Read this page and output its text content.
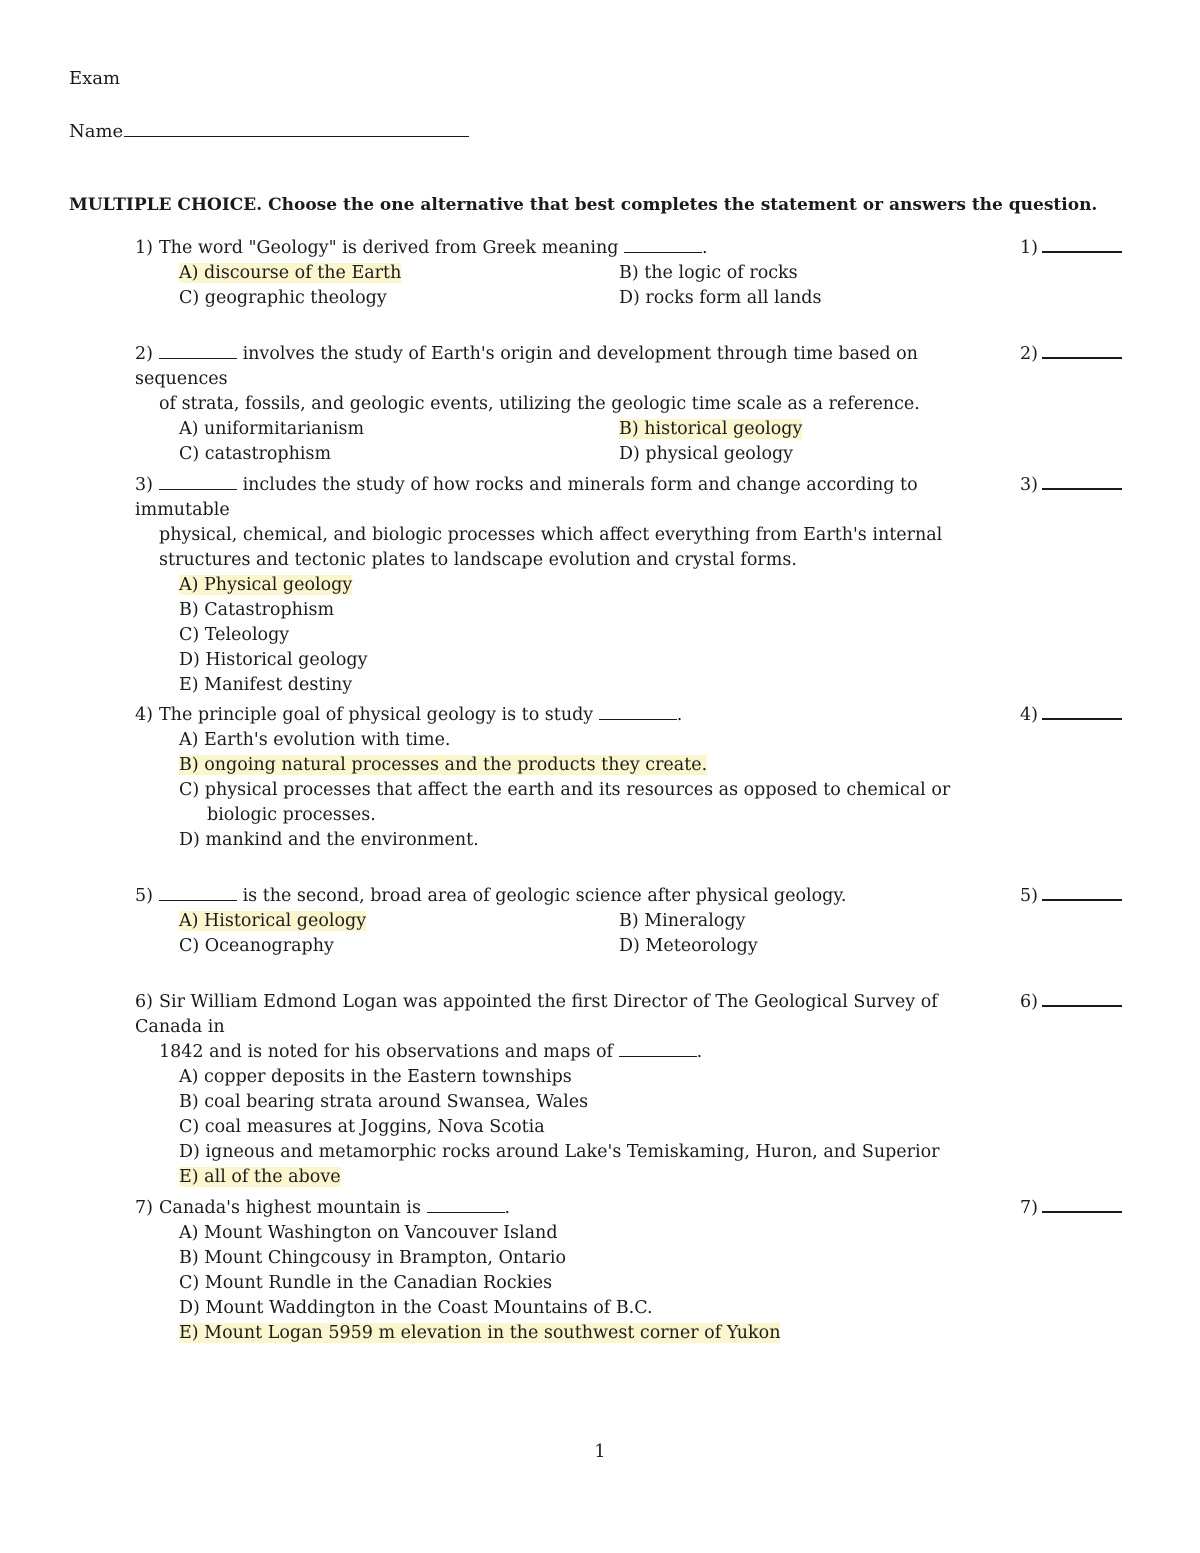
Exam
Name
MULTIPLE CHOICE. Choose the one alternative that best completes the statement or answers the question.
1) The word "Geology" is derived from Greek meaning	.	1)
A) discourse of the Earth	B) the logic of rocks
C) geographic theology	D) rocks form all lands
2)	involves the study of Earth's origin and development through time based on sequences
of strata, fossils, and geologic events, utilizing the geologic time scale as a reference.
2)
A) uniformitarianism	B) historical geology
C) catastrophism	D) physical geology
3)	includes the study of how rocks and minerals form and change according to immutable
physical, chemical, and biologic processes which affect everything from Earth's internal structures and tectonic plates to landscape evolution and crystal forms.
3)
A) Physical geology
B) Catastrophism
C) Teleology
D) Historical geology
E) Manifest destiny
4) The principle goal of physical geology is to study	.	4)
A) Earth's evolution with time.
B) ongoing natural processes and the products they create.
C) physical processes that affect the earth and its resources as opposed to chemical or biologic processes.
D) mankind and the environment.
5)	is the second, broad area of geologic science after physical geology.	5)
A) Historical geology	B) Mineralogy
C) Oceanography	D) Meteorology
6) Sir William Edmond Logan was appointed the first Director of The Geological Survey of Canada in
1842 and is noted for his observations and maps of	.
6)
A) copper deposits in the Eastern townships
B) coal bearing strata around Swansea, Wales
C) coal measures at Joggins, Nova Scotia
D) igneous and metamorphic rocks around Lake's Temiskaming, Huron, and Superior
E) all of the above
7) Canada's highest mountain is	.	7)
A) Mount Washington on Vancouver Island
B) Mount Chingcousy in Brampton, Ontario
C) Mount Rundle in the Canadian Rockies
D) Mount Waddington in the Coast Mountains of B.C.
E) Mount Logan 5959 m elevation in the southwest corner of Yukon
1
